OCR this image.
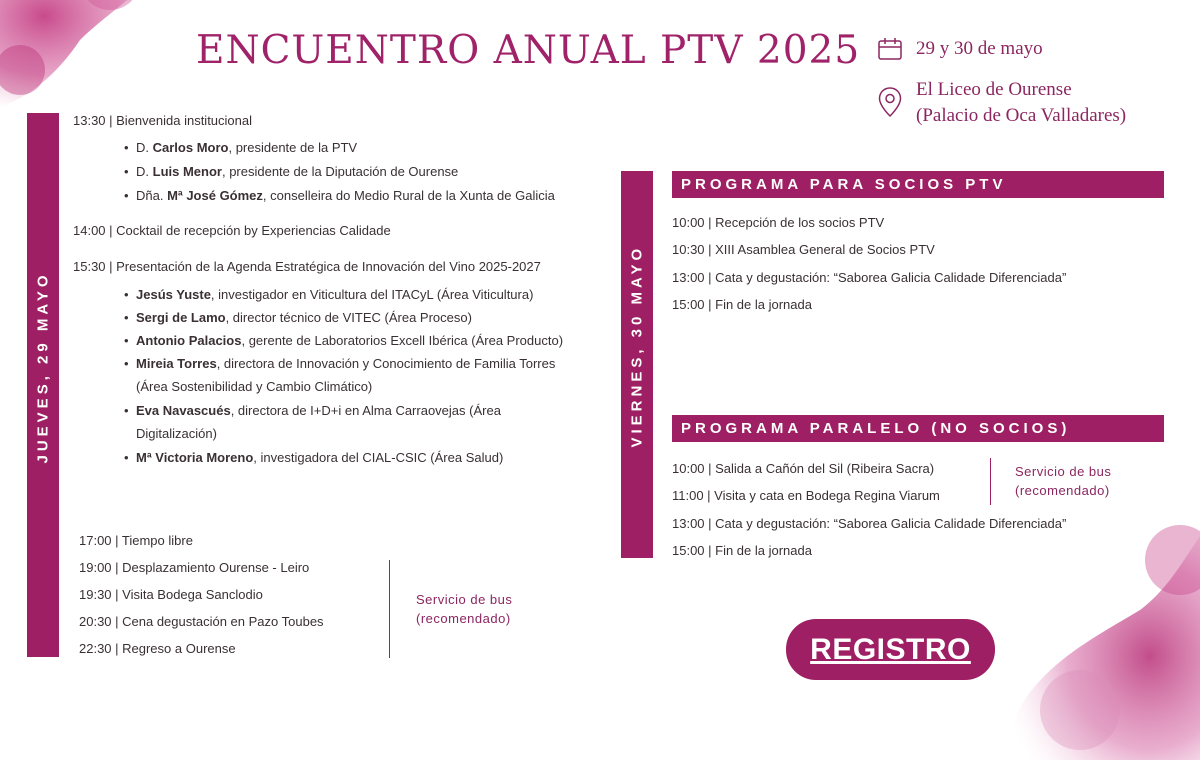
ENCUENTRO ANUAL PTV 2025	29 y 30 de mayo
El Liceo de Ourense
(Palacio de Oca Valladares)
JUEVES, 29 MAYO
13:30 | Bienvenida institucional
• D. Carlos Moro, presidente de la PTV
• D. Luis Menor, presidente de la Diputación de Ourense
• Dña. Mª José Gómez, conselleira do Medio Rural de la Xunta de Galicia
14:00 | Cocktail de recepción by Experiencias Calidade
15:30 | Presentación de la Agenda Estratégica de Innovación del Vino 2025-2027
• Jesús Yuste, investigador en Viticultura del ITACyL (Área Viticultura)
• Sergi de Lamo, director técnico de VITEC (Área Proceso)
• Antonio Palacios, gerente de Laboratorios Excell Ibérica (Área Producto)
• Mireia Torres, directora de Innovación y Conocimiento de Familia Torres
(Área Sostenibilidad y Cambio Climático)
• Eva Navascués, directora de I+D+i en Alma Carraovejas (Área
Digitalización)
• Mª Victoria Moreno, investigadora del CIAL-CSIC (Área Salud)
17:00 | Tiempo libre
19:00 | Desplazamiento Ourense - Leiro
19:30 | Visita Bodega Sanclodio
20:30 | Cena degustación en Pazo Toubes
22:30 | Regreso a Ourense
Servicio de bus
(recomendado)
VIERNES, 30 MAYO
PROGRAMA PARA SOCIOS PTV
10:00 | Recepción de los socios PTV
10:30 | XIII Asamblea General de Socios PTV
13:00 | Cata y degustación: “Saborea Galicia Calidade Diferenciada”
15:00 | Fin de la jornada
PROGRAMA PARALELO (NO SOCIOS)
10:00 | Salida a Cañón del Sil (Ribeira Sacra)
11:00 | Visita y cata en Bodega Regina Viarum
13:00 | Cata y degustación: “Saborea Galicia Calidade Diferenciada”
15:00 | Fin de la jornada
Servicio de bus
(recomendado)
REGISTRO
